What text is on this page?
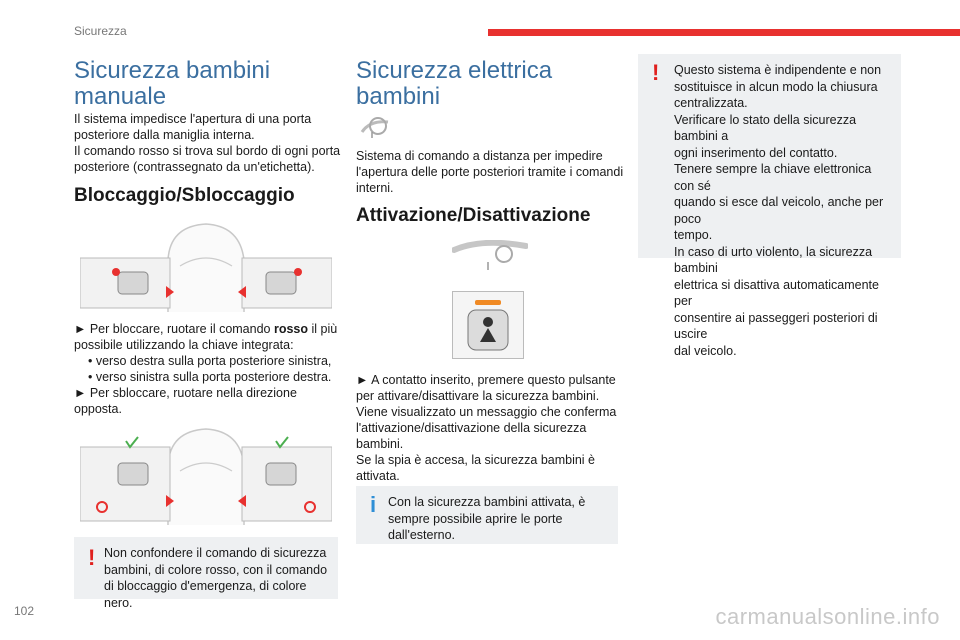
Sicurezza
Sicurezza bambini manuale
Il sistema impedisce l'apertura di una porta
posteriore dalla maniglia interna.
Il comando rosso si trova sul bordo di ogni porta
posteriore (contrassegnato da un'etichetta).
Bloccaggio/Sbloccaggio
► Per bloccare, ruotare il comando rosso il più
possibile utilizzando la chiave integrata:
• verso destra sulla porta posteriore sinistra,
• verso sinistra sulla porta posteriore destra.
► Per sbloccare, ruotare nella direzione
opposta.
! Non confondere il comando di sicurezza
bambini, di colore rosso, con il comando
di bloccaggio d'emergenza, di colore nero.
Sicurezza elettrica bambini
Sistema di comando a distanza per impedire
l'apertura delle porte posteriori tramite i comandi
interni.
Attivazione/Disattivazione
► A contatto inserito, premere questo pulsante
per attivare/disattivare la sicurezza bambini.
Viene visualizzato un messaggio che conferma
l'attivazione/disattivazione della sicurezza
bambini.
Se la spia è accesa, la sicurezza bambini è
attivata.
i Con la sicurezza bambini attivata, è
sempre possibile aprire le porte
dall'esterno.
! Questo sistema è indipendente e non
sostituisce in alcun modo la chiusura
centralizzata.
Verificare lo stato della sicurezza bambini a
ogni inserimento del contatto.
Tenere sempre la chiave elettronica con sé
quando si esce dal veicolo, anche per poco
tempo.
In caso di urto violento, la sicurezza bambini
elettrica si disattiva automaticamente per
consentire ai passeggeri posteriori di uscire
dal veicolo.
102	carmanualsonline.info
